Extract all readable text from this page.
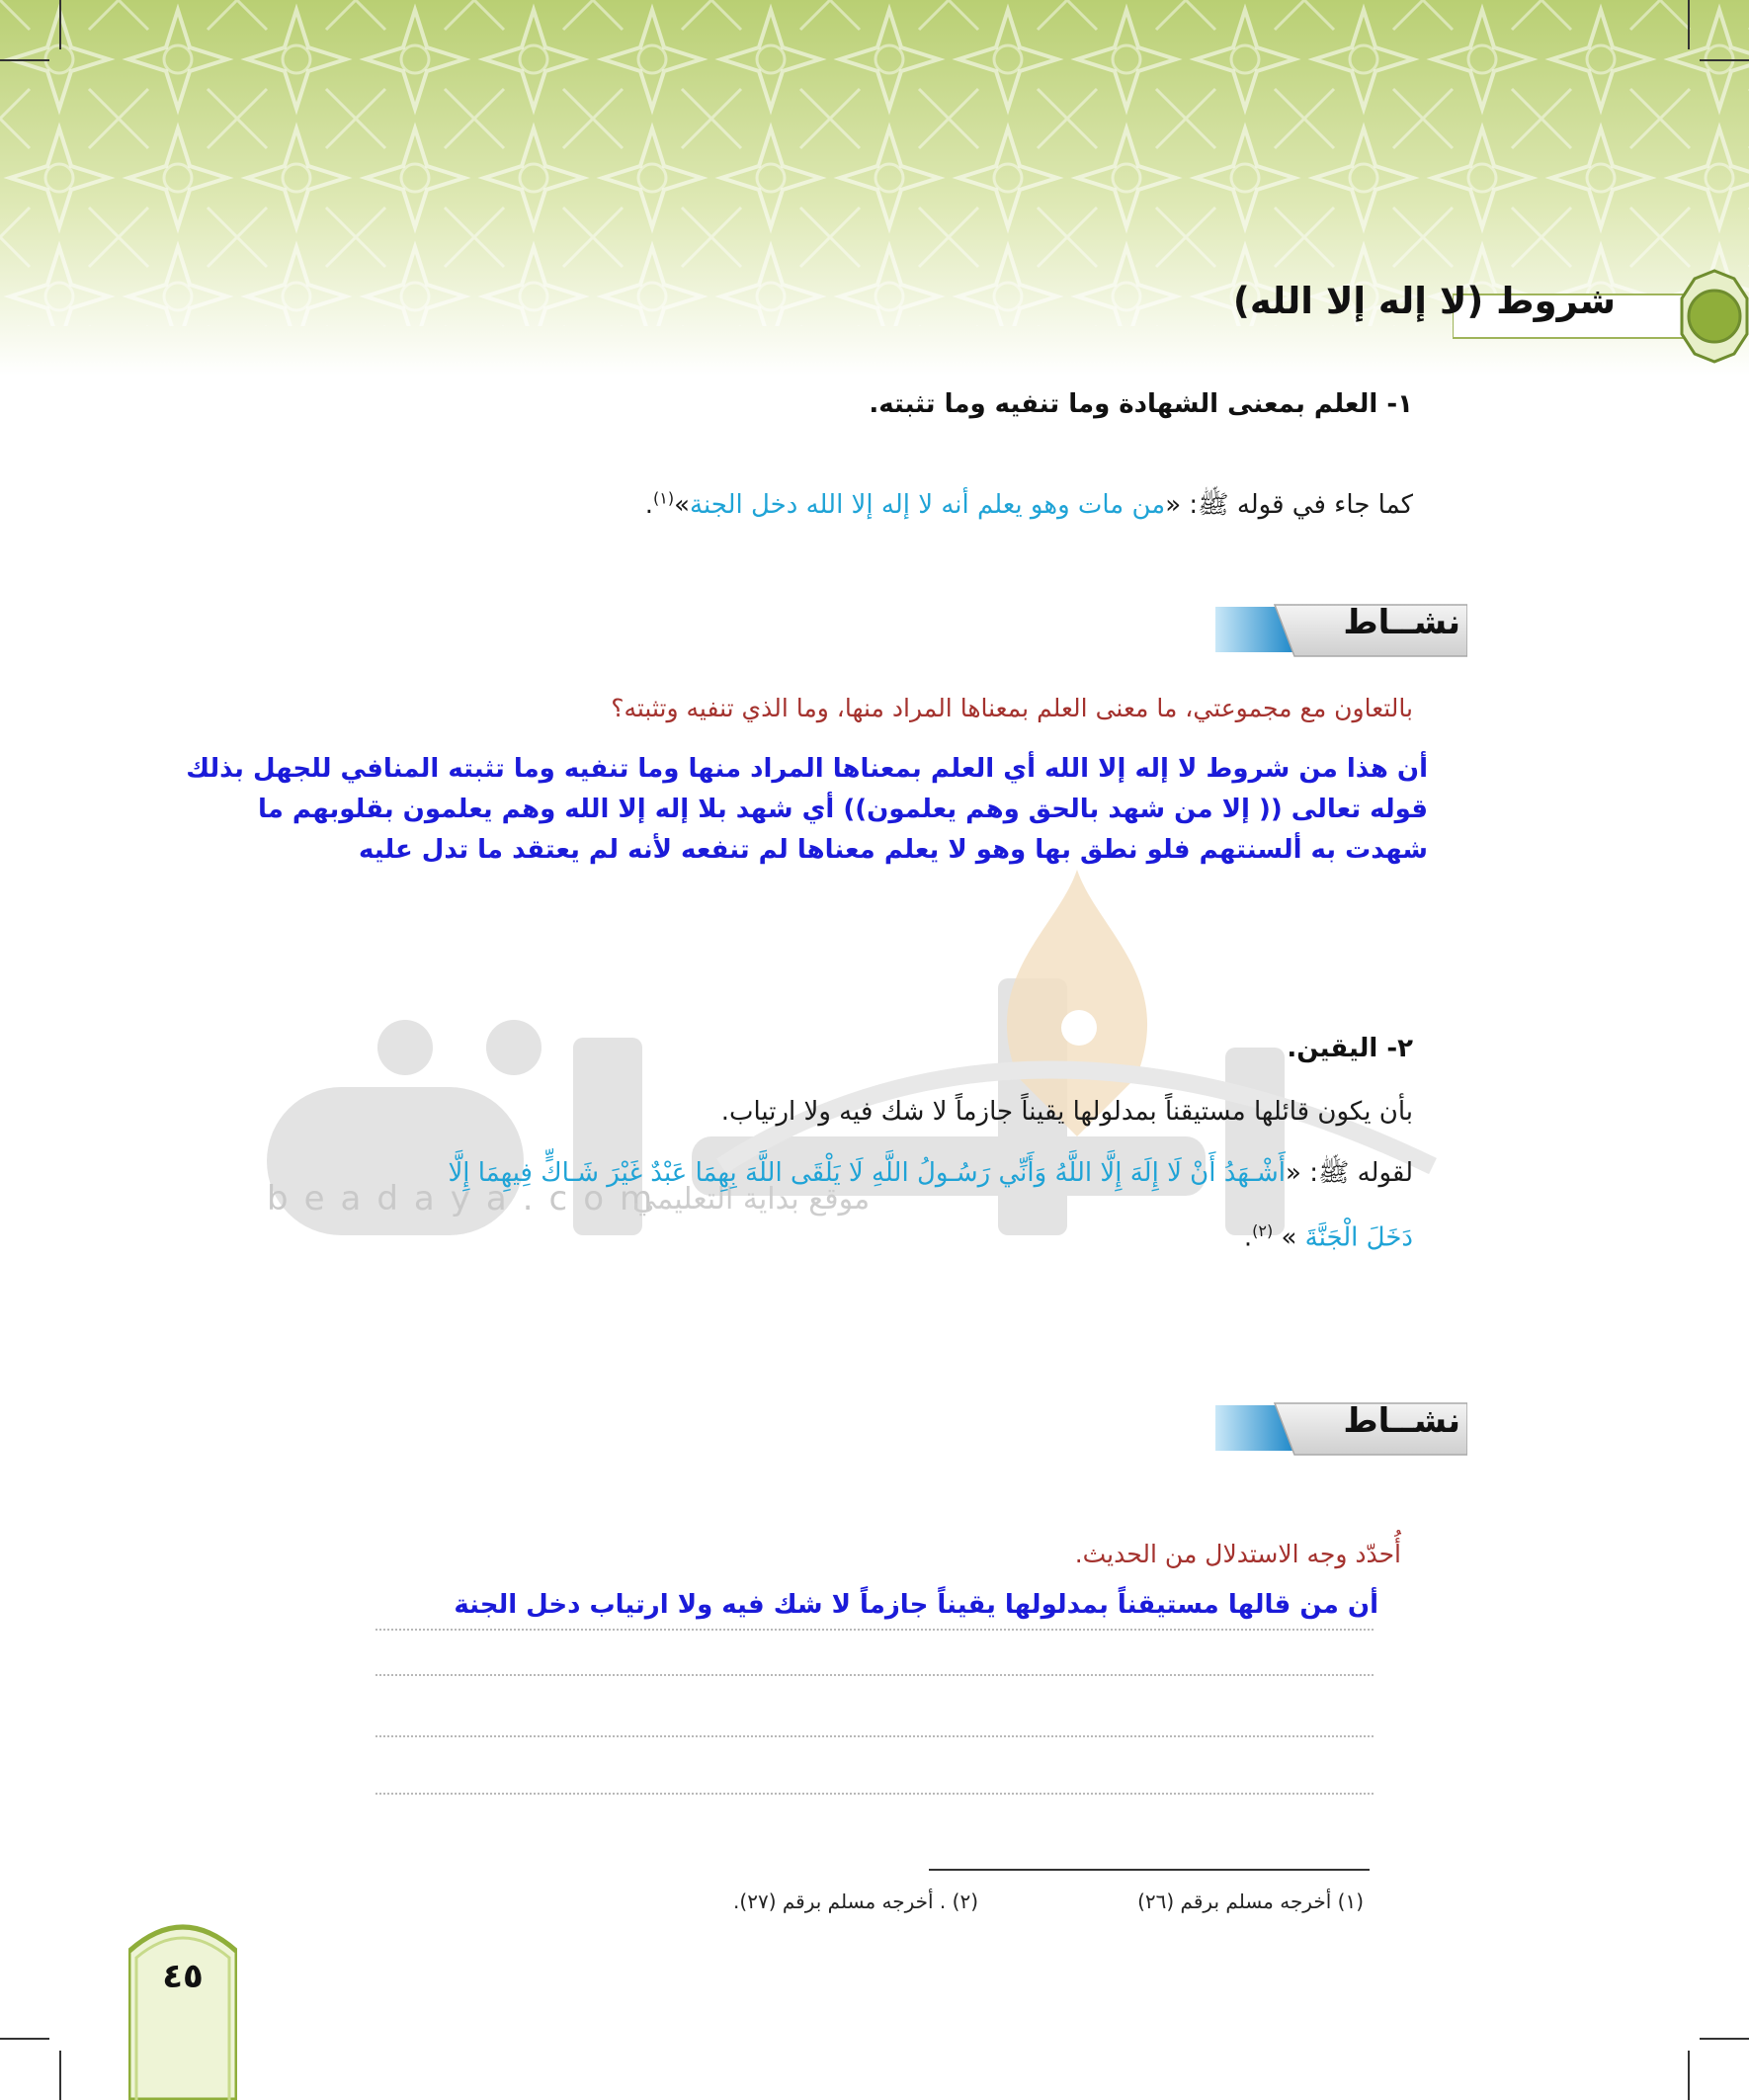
beadaya.com
موقع بداية التعليمي
شروط (لا إله إلا الله)
١- العلم بمعنى الشهادة وما تنفيه وما تثبته.
كما جاء في قوله ﷺ: «من مات وهو يعلم أنه لا إله إلا الله دخل الجنة»$^{(١)}$.
نشــاط
بالتعاون مع مجموعتي، ما معنى العلم بمعناها المراد منها، وما الذي تنفيه وتثبته؟
أن هذا من شروط لا إله إلا الله أي العلم بمعناها المراد منها وما تنفيه وما تثبته المنافي للجهل بذلك
قوله تعالى (( إلا من شهد بالحق وهم يعلمون)) أي شهد بلا إله إلا الله وهم يعلمون بقلوبهم ما
شهدت به ألسنتهم فلو نطق بها وهو لا يعلم معناها لم تنفعه لأنه لم يعتقد ما تدل عليه
٢- اليقين.
بأن يكون قائلها مستيقناً بمدلولها يقيناً جازماً لا شك فيه ولا ارتياب.
لقوله ﷺ: «أَشْـهَدُ أَنْ لَا إِلَهَ إِلَّا اللَّهُ وَأَنِّي رَسُـولُ اللَّهِ لَا يَلْقَى اللَّهَ بِهِمَا عَبْدٌ غَيْرَ شَـاكٍّ فِيهِمَا إِلَّا
دَخَلَ الْجَنَّةَ » $^{(٢)}$.
نشــاط
أُحدّد وجه الاستدلال من الحديث.
أن من قالها مستيقناً بمدلولها يقيناً جازماً لا شك فيه ولا ارتياب دخل الجنة
(١) أخرجه مسلم برقم (٢٦)
(٢) . أخرجه مسلم برقم (٢٧).
٤٥
